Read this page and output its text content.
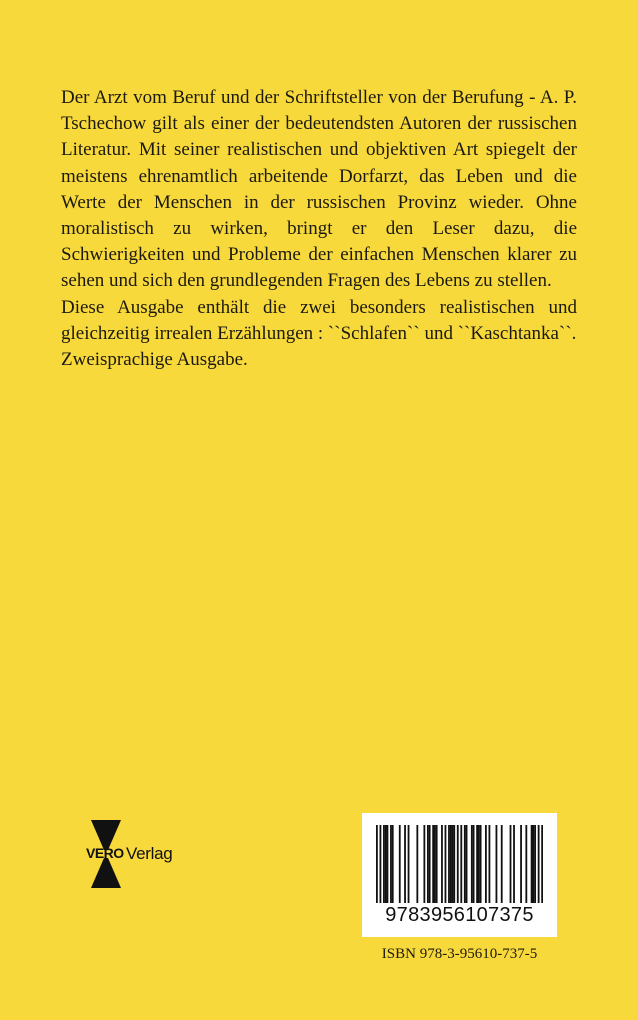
Der Arzt vom Beruf und der Schriftsteller von der Berufung - A. P. Tschechow gilt als einer der bedeutendsten Autoren der russischen Literatur. Mit seiner realistischen und objektiven Art spiegelt der meistens ehrenamtlich arbeitende Dorfarzt, das Leben und die Werte der Menschen in der russischen Provinz wieder. Ohne moralistisch zu wirken, bringt er den Leser dazu, die Schwierigkeiten und Probleme der einfachen Menschen klarer zu sehen und sich den grundlegenden Fragen des Lebens zu stellen.

Diese Ausgabe enthält die zwei besonders realistischen und gleichzeitig irrealen Erzählungen : ``Schlafen`` und ``Kaschtanka``.

Zweisprachige Ausgabe.

VERO Verlag
9783956107375
ISBN 978-3-95610-737-5
